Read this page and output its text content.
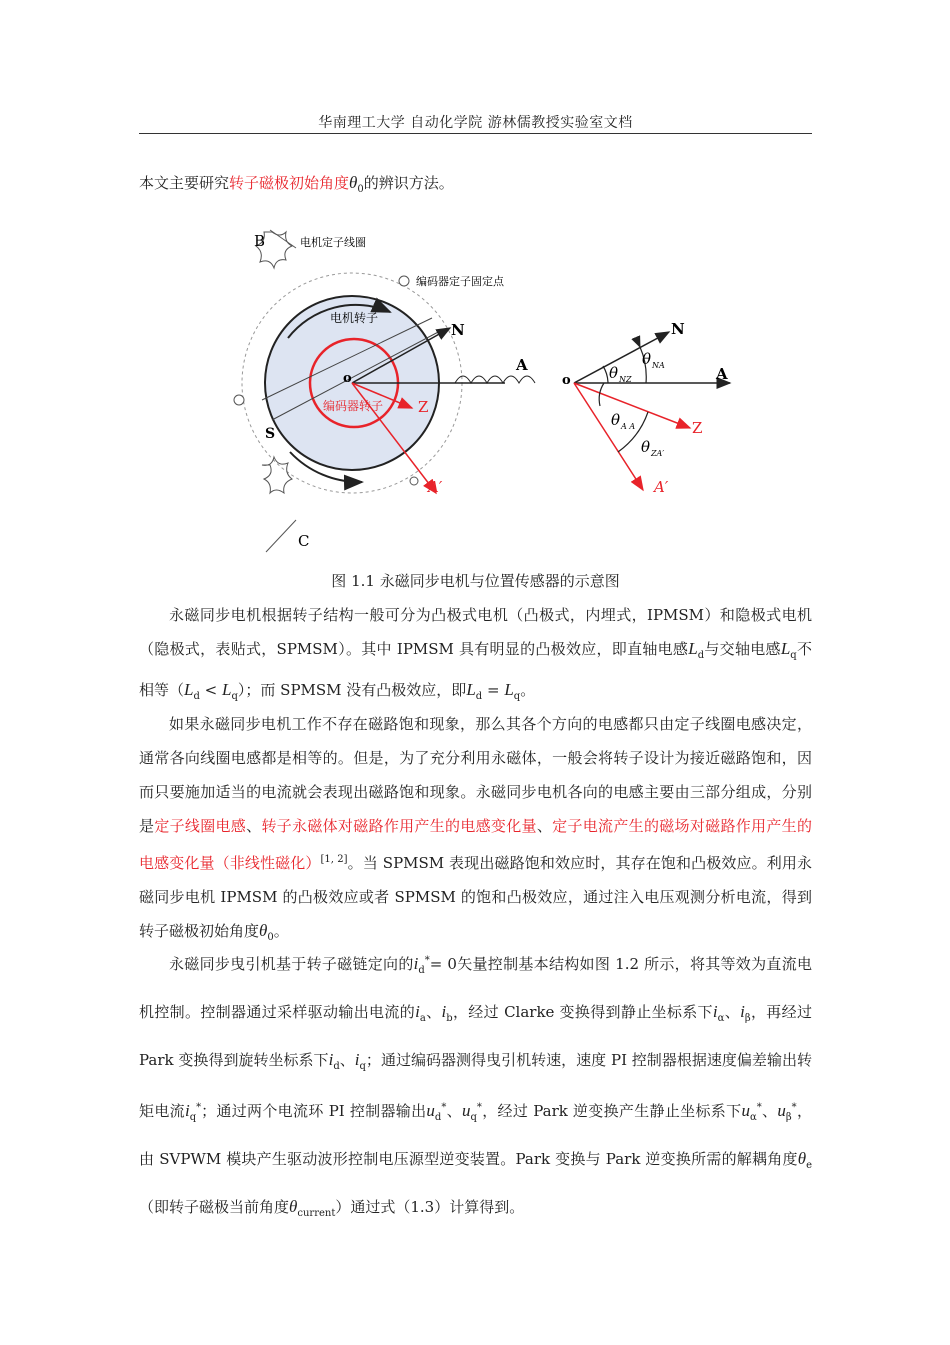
华南理工大学 自动化学院 游林儒教授实验室文档
本文主要研究转子磁极初始角度$\theta_0$的辨识方法。
B
C
电机定子线圈
编码器定子固定点
电机转子
编码器转子
o
N
S
A
Z
A′
o
N
A
Z
A′
θ NA
θ NZ
θ A A
θ ZA′
图 1.1 永磁同步电机与位置传感器的示意图
永磁同步电机根据转子结构一般可分为凸极式电机（凸极式，内埋式，IPMSM）和隐极式电机（隐极式，表贴式，SPMSM）。其中 IPMSM 具有明显的凸极效应，即直轴电感$L_d$与交轴电感$L_q$不相等$(L_d < L_q)$；而 SPMSM 没有凸极效应，即$L_d = L_q$。
如果永磁同步电机工作不存在磁路饱和现象，那么其各个方向的电感都只由定子线圈电感决定，通常各向线圈电感都是相等的。但是，为了充分利用永磁体，一般会将转子设计为接近磁路饱和，因而只要施加适当的电流就会表现出磁路饱和现象。永磁同步电机各向的电感主要由三部分组成，分别是定子线圈电感、转子永磁体对磁路作用产生的电感变化量、定子电流产生的磁场对磁路作用产生的电感变化量（非线性磁化）[1, 2]。当 SPMSM 表现出磁路饱和效应时，其存在饱和凸极效应。利用永磁同步电机 IPMSM 的凸极效应或者 SPMSM 的饱和凸极效应，通过注入电压观测分析电流，得到转子磁极初始角度$\theta_0$。
永磁同步曳引机基于转子磁链定向的$i_d^*= 0$矢量控制基本结构如图 1.2 所示，将其等效为直流电机控制。控制器通过采样驱动输出电流的$i_a$、$i_b$，经过 Clarke 变换得到静止坐标系下$i_\alpha$、$i_\beta$，再经过 Park 变换得到旋转坐标系下$i_d$、$i_q$；通过编码器测得曳引机转速，速度 PI 控制器根据速度偏差输出转矩电流$i_q^*$；通过两个电流环 PI 控制器输出$u_d^*$、$u_q^*$，经过 Park 逆变换产生静止坐标系下$u_\alpha^*$、$u_\beta^*$，由 SVPWM 模块产生驱动波形控制电压源型逆变装置。Park 变换与 Park 逆变换所需的解耦角度$\theta_e$（即转子磁极当前角度$\theta_{current}$）通过式（1.3）计算得到。
